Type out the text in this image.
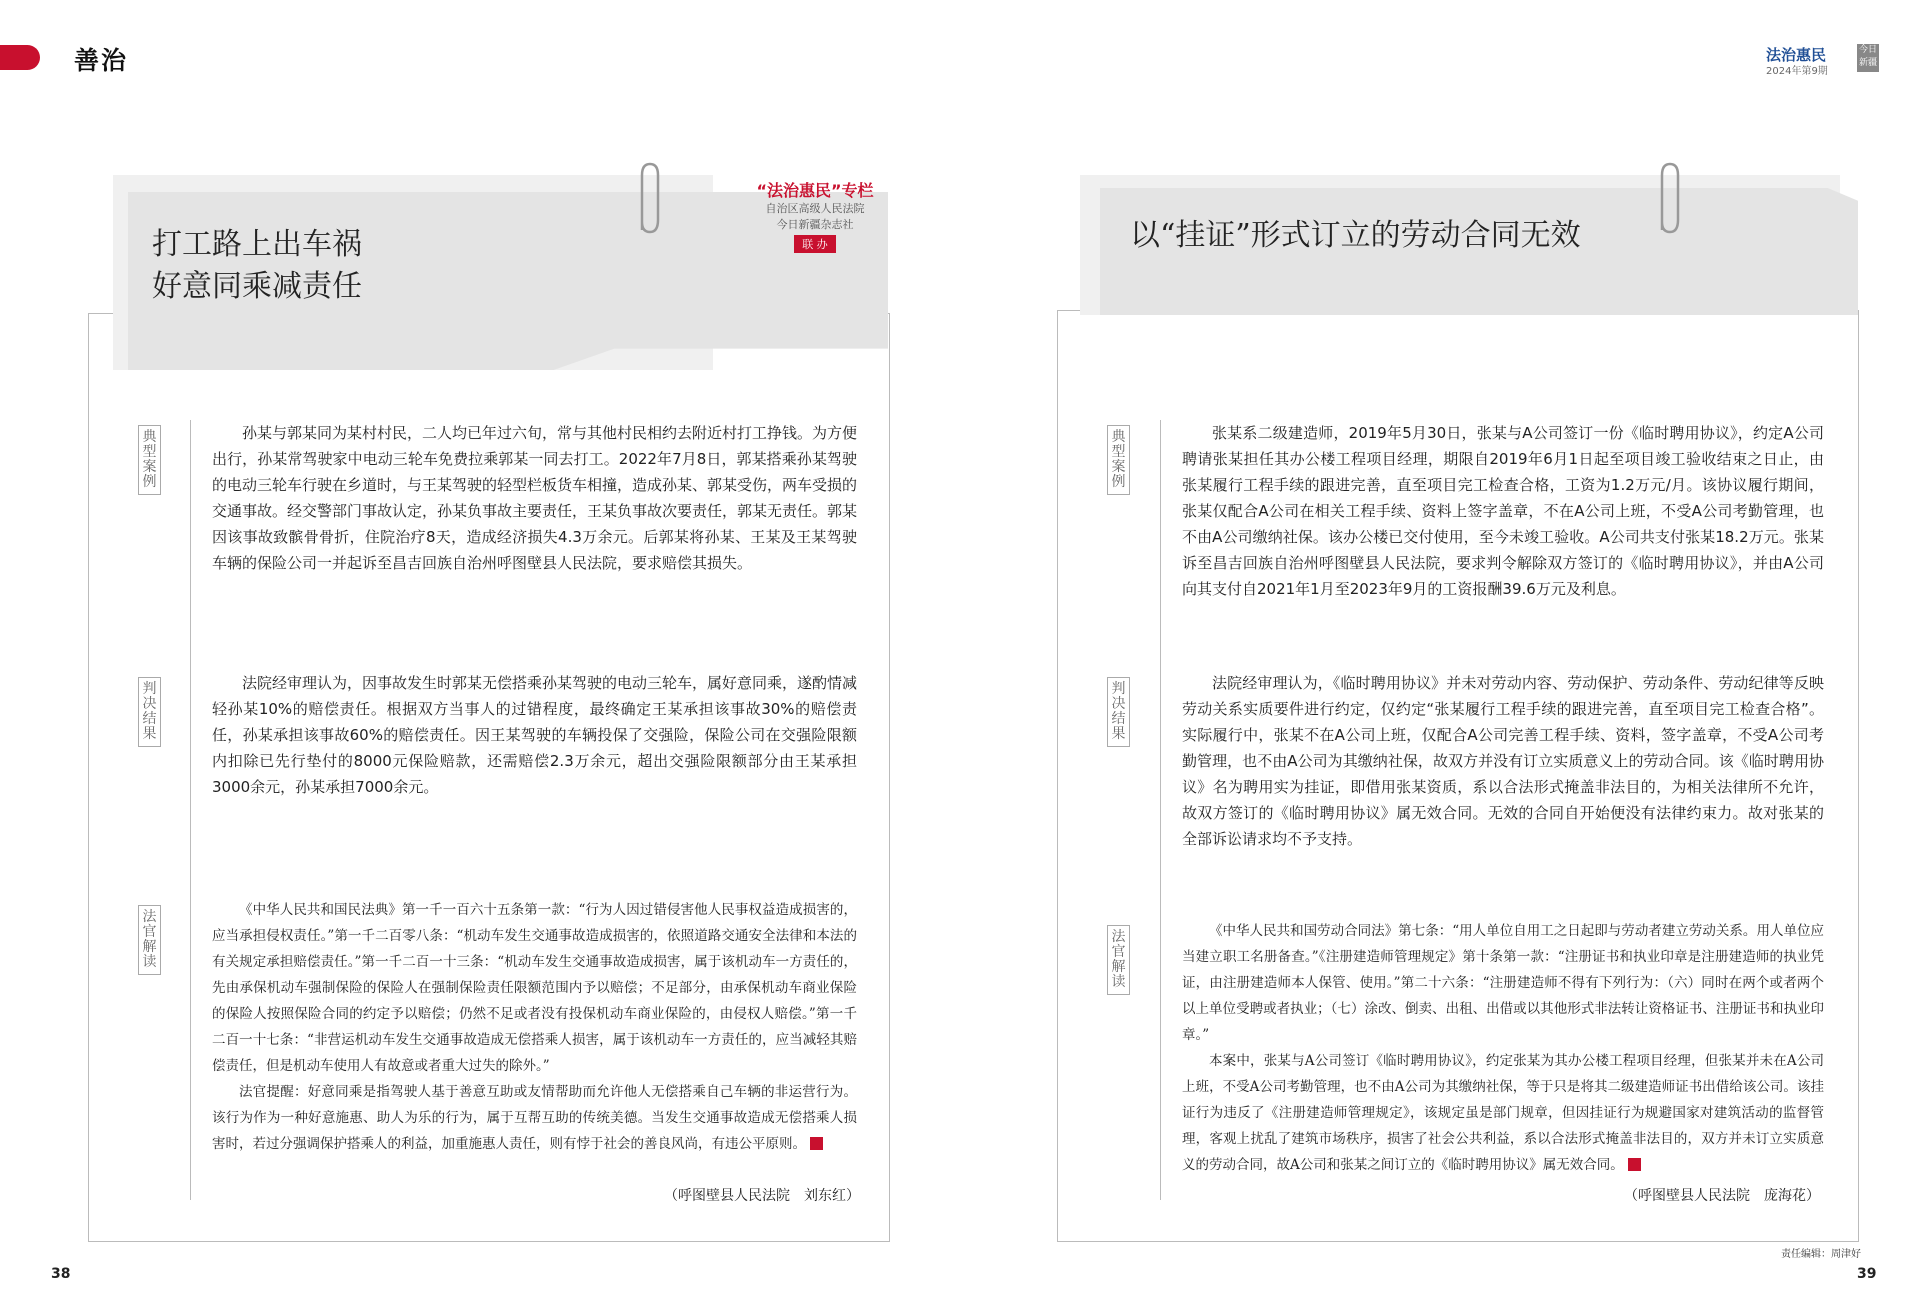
善治	法治惠民
2024年第9期
今日新疆
打工路上出车祸
好意同乘减责任
“法治惠民”专栏
自治区高级人民法院
今日新疆杂志社
联 办
典型案例
判决结果
法官解读

孙某与郭某同为某村村民，二人均已年过六旬，常与其他村民相约去附近村打工挣钱。为方便出行，孙某常驾驶家中电动三轮车免费拉乘郭某一同去打工。2022年7月8日，郭某搭乘孙某驾驶的电动三轮车行驶在乡道时，与王某驾驶的轻型栏板货车相撞，造成孙某、郭某受伤，两车受损的交通事故。经交警部门事故认定，孙某负事故主要责任，王某负事故次要责任，郭某无责任。郭某因该事故致髌骨骨折，住院治疗8天，造成经济损失4.3万余元。后郭某将孙某、王某及王某驾驶车辆的保险公司一并起诉至昌吉回族自治州呼图壁县人民法院，要求赔偿其损失。

法院经审理认为，因事故发生时郭某无偿搭乘孙某驾驶的电动三轮车，属好意同乘，遂酌情减轻孙某10%的赔偿责任。根据双方当事人的过错程度，最终确定王某承担该事故30%的赔偿责任，孙某承担该事故60%的赔偿责任。因王某驾驶的车辆投保了交强险，保险公司在交强险限额内扣除已先行垫付的8000元保险赔款，还需赔偿2.3万余元，超出交强险限额部分由王某承担3000余元，孙某承担7000余元。

《中华人民共和国民法典》第一千一百六十五条第一款：“行为人因过错侵害他人民事权益造成损害的，应当承担侵权责任。”第一千二百零八条：“机动车发生交通事故造成损害的，依照道路交通安全法律和本法的有关规定承担赔偿责任。”第一千二百一十三条：“机动车发生交通事故造成损害，属于该机动车一方责任的，先由承保机动车强制保险的保险人在强制保险责任限额范围内予以赔偿；不足部分，由承保机动车商业保险的保险人按照保险合同的约定予以赔偿；仍然不足或者没有投保机动车商业保险的，由侵权人赔偿。”第一千二百一十七条：“非营运机动车发生交通事故造成无偿搭乘人损害，属于该机动车一方责任的，应当减轻其赔偿责任，但是机动车使用人有故意或者重大过失的除外。”

法官提醒：好意同乘是指驾驶人基于善意互助或友情帮助而允许他人无偿搭乘自己车辆的非运营行为。该行为作为一种好意施惠、助人为乐的行为，属于互帮互助的传统美德。当发生交通事故造成无偿搭乘人损害时，若过分强调保护搭乘人的利益，加重施惠人责任，则有悖于社会的善良风尚，有违公平原则。

（呼图壁县人民法院　刘东红）
以“挂证”形式订立的劳动合同无效
典型案例
判决结果
法官解读

张某系二级建造师，2019年5月30日，张某与A公司签订一份《临时聘用协议》，约定A公司聘请张某担任其办公楼工程项目经理，期限自2019年6月1日起至项目竣工验收结束之日止，由张某履行工程手续的跟进完善，直至项目完工检查合格，工资为1.2万元/月。该协议履行期间，张某仅配合A公司在相关工程手续、资料上签字盖章，不在A公司上班，不受A公司考勤管理，也不由A公司缴纳社保。该办公楼已交付使用，至今未竣工验收。A公司共支付张某18.2万元。张某诉至昌吉回族自治州呼图壁县人民法院，要求判令解除双方签订的《临时聘用协议》，并由A公司向其支付自2021年1月至2023年9月的工资报酬39.6万元及利息。

法院经审理认为，《临时聘用协议》并未对劳动内容、劳动保护、劳动条件、劳动纪律等反映劳动关系实质要件进行约定，仅约定“张某履行工程手续的跟进完善，直至项目完工检查合格”。实际履行中，张某不在A公司上班，仅配合A公司完善工程手续、资料，签字盖章，不受A公司考勤管理，也不由A公司为其缴纳社保，故双方并没有订立实质意义上的劳动合同。该《临时聘用协议》名为聘用实为挂证，即借用张某资质，系以合法形式掩盖非法目的，为相关法律所不允许，故双方签订的《临时聘用协议》属无效合同。无效的合同自开始便没有法律约束力。故对张某的全部诉讼请求均不予支持。

《中华人民共和国劳动合同法》第七条：“用人单位自用工之日起即与劳动者建立劳动关系。用人单位应当建立职工名册备查。”《注册建造师管理规定》第十条第一款：“注册证书和执业印章是注册建造师的执业凭证，由注册建造师本人保管、使用。”第二十六条：“注册建造师不得有下列行为：（六）同时在两个或者两个以上单位受聘或者执业；（七）涂改、倒卖、出租、出借或以其他形式非法转让资格证书、注册证书和执业印章。”

本案中，张某与A公司签订《临时聘用协议》，约定张某为其办公楼工程项目经理，但张某并未在A公司上班，不受A公司考勤管理，也不由A公司为其缴纳社保，等于只是将其二级建造师证书出借给该公司。该挂证行为违反了《注册建造师管理规定》，该规定虽是部门规章，但因挂证行为规避国家对建筑活动的监督管理，客观上扰乱了建筑市场秩序，损害了社会公共利益，系以合法形式掩盖非法目的，双方并未订立实质意义的劳动合同，故A公司和张某之间订立的《临时聘用协议》属无效合同。

（呼图壁县人民法院　庞海花）
38
责任编辑：周津好
39
